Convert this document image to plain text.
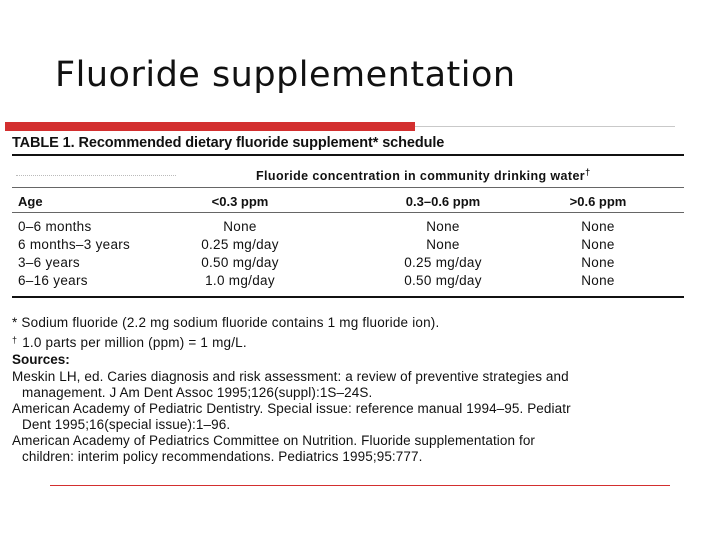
Fluoride supplementation
TABLE 1. Recommended dietary fluoride supplement* schedule
Fluoride concentration in community drinking water†
Age	<0.3 ppm	0.3–0.6 ppm	>0.6 ppm
0–6 months	None	None	None
6 months–3 years	0.25 mg/day	None	None
3–6 years	0.50 mg/day	0.25 mg/day	None
6–16 years	1.0 mg/day	0.50 mg/day	None
* Sodium fluoride (2.2 mg sodium fluoride contains 1 mg fluoride ion).
† 1.0 parts per million (ppm) = 1 mg/L.
Sources:
Meskin LH, ed. Caries diagnosis and risk assessment: a review of preventive strategies and
management. J Am Dent Assoc 1995;126(suppl):1S–24S.
American Academy of Pediatric Dentistry. Special issue: reference manual 1994–95. Pediatr
Dent 1995;16(special issue):1–96.
American Academy of Pediatrics Committee on Nutrition. Fluoride supplementation for
children: interim policy recommendations. Pediatrics 1995;95:777.
